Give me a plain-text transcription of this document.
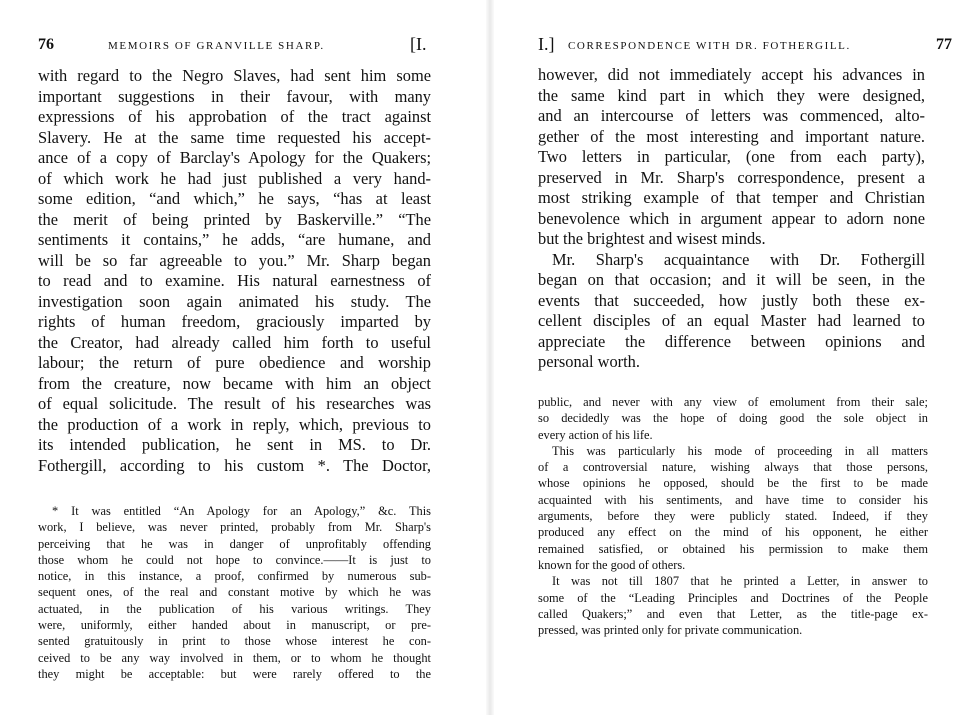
76	MEMOIRS OF GRANVILLE SHARP.	[I.
with regard to the Negro Slaves, had sent him some
important suggestions in their favour, with many
expressions of his approbation of the tract against
Slavery. He at the same time requested his accept-
ance of a copy of Barclay's Apology for the Quakers;
of which work he had just published a very hand-
some edition, “and which,” he says, “has at least
the merit of being printed by Baskerville.” “The
sentiments it contains,” he adds, “are humane, and
will be so far agreeable to you.” Mr. Sharp began
to read and to examine. His natural earnestness of
investigation soon again animated his study. The
rights of human freedom, graciously imparted by
the Creator, had already called him forth to useful
labour; the return of pure obedience and worship
from the creature, now became with him an object
of equal solicitude. The result of his researches was
the production of a work in reply, which, previous to
its intended publication, he sent in MS. to Dr.
Fothergill, according to his custom *. The Doctor,
* It was entitled “An Apology for an Apology,” &c. This
work, I believe, was never printed, probably from Mr. Sharp's
perceiving that he was in danger of unprofitably offending
those whom he could not hope to convince.——It is just to
notice, in this instance, a proof, confirmed by numerous sub-
sequent ones, of the real and constant motive by which he was
actuated, in the publication of his various writings. They
were, uniformly, either handed about in manuscript, or pre-
sented gratuitously in print to those whose interest he con-
ceived to be any way involved in them, or to whom he thought
they might be acceptable: but were rarely offered to the
I.] CORRESPONDENCE WITH DR. FOTHERGILL.	77
however, did not immediately accept his advances in
the same kind part in which they were designed,
and an intercourse of letters was commenced, alto-
gether of the most interesting and important nature.
Two letters in particular, (one from each party),
preserved in Mr. Sharp's correspondence, present a
most striking example of that temper and Christian
benevolence which in argument appear to adorn none
but the brightest and wisest minds.
Mr. Sharp's acquaintance with Dr. Fothergill
began on that occasion; and it will be seen, in the
events that succeeded, how justly both these ex-
cellent disciples of an equal Master had learned to
appreciate the difference between opinions and
personal worth.
public, and never with any view of emolument from their sale;
so decidedly was the hope of doing good the sole object in
every action of his life.
This was particularly his mode of proceeding in all matters
of a controversial nature, wishing always that those persons,
whose opinions he opposed, should be the first to be made
acquainted with his sentiments, and have time to consider his
arguments, before they were publicly stated. Indeed, if they
produced any effect on the mind of his opponent, he either
remained satisfied, or obtained his permission to make them
known for the good of others.
It was not till 1807 that he printed a Letter, in answer to
some of the “Leading Principles and Doctrines of the People
called Quakers;” and even that Letter, as the title-page ex-
pressed, was printed only for private communication.
